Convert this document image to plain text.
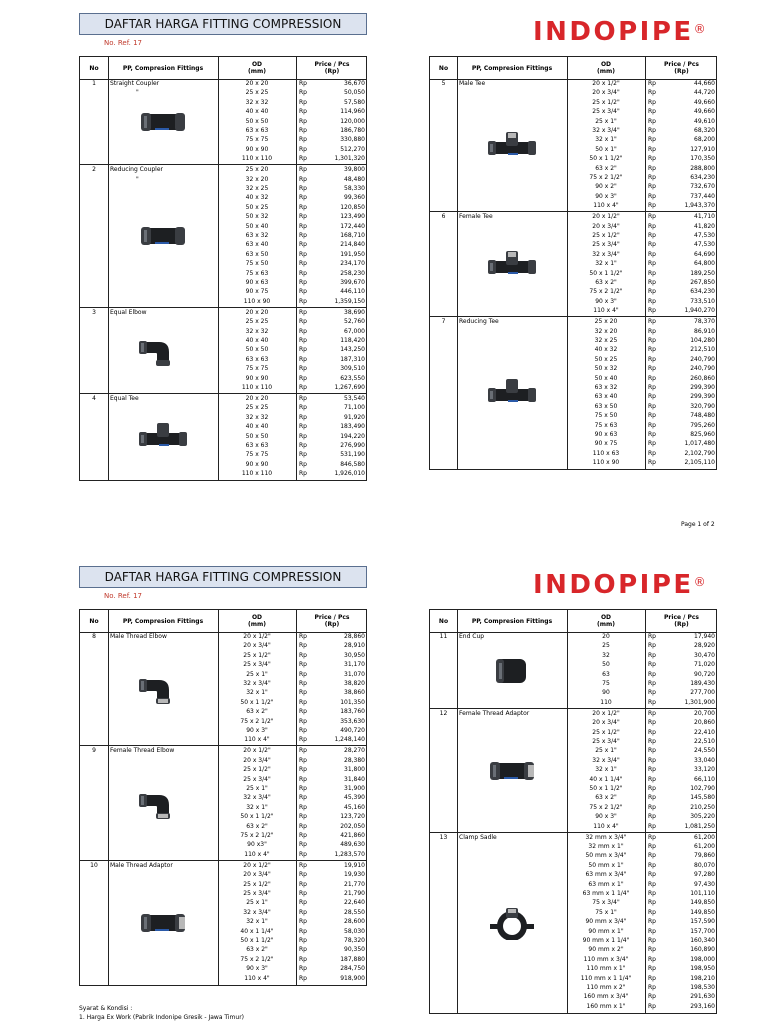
DAFTAR HARGA FITTING COMPRESSION
No. Ref. 17	INDOPIPE®
No	PP, Compresion Fittings	OD
(mm)
Price / Pcs
(Rp)
1	Straight Coupler
"
20 x 20	Rp	36,670
25 x 25	Rp	50,050
32 x 32	Rp	57,580
40 x 40	Rp	114,960
50 x 50	Rp	120,000
63 x 63	Rp	186,780
75 x 75	Rp	330,880
90 x 90	Rp	512,270
110 x 110	Rp	1,301,320
2	Reducing Coupler
"
25 x 20	Rp	39,800
32 x 20	Rp	48,480
32 x 25	Rp	58,330
40 x 32	Rp	99,360
50 x 25	Rp	120,850
50 x 32	Rp	123,490
50 x 40	Rp	172,440
63 x 32	Rp	168,710
63 x 40	Rp	214,840
63 x 50	Rp	191,950
75 x 50	Rp	234,170
75 x 63	Rp	258,230
90 x 63	Rp	399,670
90 x 75	Rp	446,110
110 x 90	Rp	1,359,150
3	Equal Elbow	20 x 20	Rp	38,690
25 x 25	Rp	52,760
32 x 32	Rp	67,000
40 x 40	Rp	118,420
50 x 50	Rp	143,250
63 x 63	Rp	187,310
75 x 75	Rp	309,510
90 x 90	Rp	623,550
110 x 110	Rp	1,267,690
4	Equal Tee	20 x 20	Rp	53,540
25 x 25	Rp	71,100
32 x 32	Rp	91,920
40 x 40	Rp	183,490
50 x 50	Rp	194,220
63 x 63	Rp	276,990
75 x 75	Rp	531,190
90 x 90	Rp	846,580
110 x 110	Rp	1,926,010
No	PP, Compresion Fittings	OD
(mm)
Price / Pcs
(Rp)
5	Male Tee	20 x 1/2"	Rp	44,660
20 x 3/4"	Rp	44,720
25 x 1/2"	Rp	49,660
25 x 3/4"	Rp	49,660
25 x 1"	Rp	49,610
32 x 3/4"	Rp	68,320
32 x 1"	Rp	68,200
50 x 1"	Rp	127,910
50 x 1 1/2"	Rp	170,350
63 x 2"	Rp	288,800
75 x 2 1/2"	Rp	634,230
90 x 2"	Rp	732,670
90 x 3"	Rp	737,440
110 x 4"	Rp	1,943,370
6	Female Tee	20 x 1/2"	Rp	41,710
20 x 3/4"	Rp	41,820
25 x 1/2"	Rp	47,530
25 x 3/4"	Rp	47,530
32 x 3/4"	Rp	64,690
32 x 1"	Rp	64,800
50 x 1 1/2"	Rp	189,250
63 x 2"	Rp	267,850
75 x 2 1/2"	Rp	634,230
90 x 3"	Rp	733,510
110 x 4"	Rp	1,940,270
7	Reducing Tee	25 x 20	Rp	78,370
32 x 20	Rp	86,910
32 x 25	Rp	104,280
40 x 32	Rp	212,510
50 x 25	Rp	240,790
50 x 32	Rp	240,790
50 x 40	Rp	260,860
63 x 32	Rp	299,390
63 x 40	Rp	299,390
63 x 50	Rp	320,790
75 x 50	Rp	748,480
75 x 63	Rp	795,260
90 x 63	Rp	825,960
90 x 75	Rp	1,017,480
110 x 63	Rp	2,102,790
110 x 90	Rp	2,105,110
Page 1 of 2
DAFTAR HARGA FITTING COMPRESSION
No. Ref. 17	INDOPIPE®
No	PP, Compresion Fittings	OD
(mm)
Price / Pcs
(Rp)
8	Male Thread Elbow	20 x 1/2"	Rp	28,860
20 x 3/4"	Rp	28,910
25 x 1/2"	Rp	30,950
25 x 3/4"	Rp	31,170
25 x 1"	Rp	31,070
32 x 3/4"	Rp	38,820
32 x 1"	Rp	38,860
50 x 1 1/2"	Rp	101,350
63 x 2"	Rp	183,760
75 x 2 1/2"	Rp	353,630
90 x 3"	Rp	490,720
110 x 4"	Rp	1,248,140
9	Female Thread Elbow	20 x 1/2"	Rp	28,270
20 x 3/4"	Rp	28,380
25 x 1/2"	Rp	31,800
25 x 3/4"	Rp	31,840
25 x 1"	Rp	31,900
32 x 3/4"	Rp	45,390
32 x 1"	Rp	45,160
50 x 1 1/2"	Rp	123,720
63 x 2"	Rp	202,050
75 x 2 1/2"	Rp	421,860
90 x3"	Rp	489,630
110 x 4"	Rp	1,283,570
10	Male Thread Adaptor	20 x 1/2"	Rp	19,910
20 x 3/4"	Rp	19,930
25 x 1/2"	Rp	21,770
25 x 3/4"	Rp	21,790
25 x 1"	Rp	22,640
32 x 3/4"	Rp	28,550
32 x 1"	Rp	28,600
40 x 1 1/4"	Rp	58,030
50 x 1 1/2"	Rp	78,320
63 x 2"	Rp	90,350
75 x 2 1/2"	Rp	187,880
90 x 3"	Rp	284,750
110 x 4"	Rp	918,900
No	PP, Compresion Fittings	OD
(mm)
Price / Pcs
(Rp)
11	End Cup	20	Rp	17,940
25	Rp	28,920
32	Rp	30,470
50	Rp	71,020
63	Rp	90,720
75	Rp	189,430
90	Rp	277,700
110	Rp	1,301,900
12	Female Thread Adaptor	20 x 1/2"	Rp	20,700
20 x 3/4"	Rp	20,860
25 x 1/2"	Rp	22,410
25 x 3/4"	Rp	22,510
25 x 1"	Rp	24,550
32 x 3/4"	Rp	33,040
32 x 1"	Rp	33,120
40 x 1 1/4"	Rp	66,110
50 x 1 1/2"	Rp	102,790
63 x 2"	Rp	145,580
75 x 2 1/2"	Rp	210,250
90 x 3"	Rp	305,220
110 x 4"	Rp	1,081,250
13	Clamp Sadle	32 mm x 3/4"	Rp	61,200
32 mm x 1"	Rp	61,200
50 mm x 3/4"	Rp	79,860
50 mm x 1"	Rp	80,070
63 mm x 3/4"	Rp	97,280
63 mm x 1"	Rp	97,430
63 mm x 1 1/4"	Rp	101,110
75 x 3/4"	Rp	149,850
75 x 1"	Rp	149,850
90 mm x 3/4"	Rp	157,590
90 mm x 1"	Rp	157,700
90 mm x 1 1/4"	Rp	160,340
90 mm x 2"	Rp	160,890
110 mm x 3/4"	Rp	198,000
110 mm x 1"	Rp	198,950
110 mm x 1 1/4"	Rp	198,210
110 mm x 2"	Rp	198,530
160 mm x 3/4"	Rp	291,630
160 mm x 1"	Rp	293,160
Syarat & Kondisi :
1. Harga Ex Work (Pabrik Indonipe Gresik - Jawa Timur)
